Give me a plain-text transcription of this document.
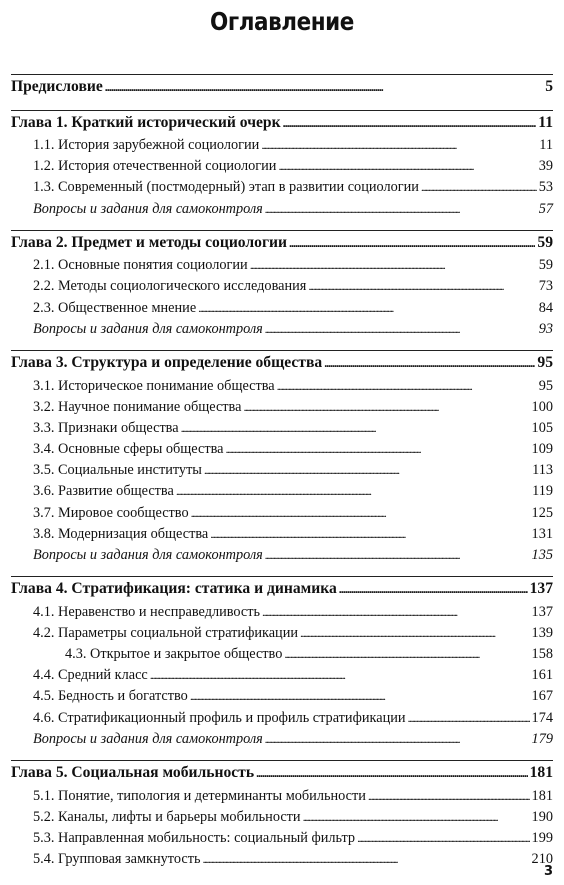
Оглавление
Предисловие . . .	5
Глава 1. Краткий исторический очерк . . .	11
1.1. История зарубежной социологии . . .	11
1.2. История отечественной социологии . . .	39
1.3. Современный (постмодерный) этап в развитии социологии . . .	53
Вопросы и задания для самоконтроля . . .	57
Глава 2. Предмет и методы социологии . . .	59
2.1. Основные понятия социологии . . .	59
2.2. Методы социологического исследования . . .	73
2.3. Общественное мнение . . .	84
Вопросы и задания для самоконтроля . . .	93
Глава 3. Структура и определение общества . . .	95
3.1. Историческое понимание общества . . .	95
3.2. Научное понимание общества . . .	100
3.3. Признаки общества . . .	105
3.4. Основные сферы общества . . .	109
3.5. Социальные институты . . .	113
3.6. Развитие общества . . .	119
3.7. Мировое сообщество . . .	125
3.8. Модернизация общества . . .	131
Вопросы и задания для самоконтроля . . .	135
Глава 4. Стратификация: статика и динамика . . .	137
4.1. Неравенство и несправедливость . . .	137
4.2. Параметры социальной стратификации . . .	139
4.3. Открытое и закрытое общество . . .	158
4.4. Средний класс . . .	161
4.5. Бедность и богатство . . .	167
4.6. Стратификационный профиль и профиль стратификации . . .	174
Вопросы и задания для самоконтроля . . .	179
Глава 5. Социальная мобильность . . .	181
5.1. Понятие, типология и детерминанты мобильности . . .	181
5.2. Каналы, лифты и барьеры мобильности . . .	190
5.3. Направленная мобильность: социальный фильтр . . .	199
5.4. Групповая замкнутость . . .	210
3
